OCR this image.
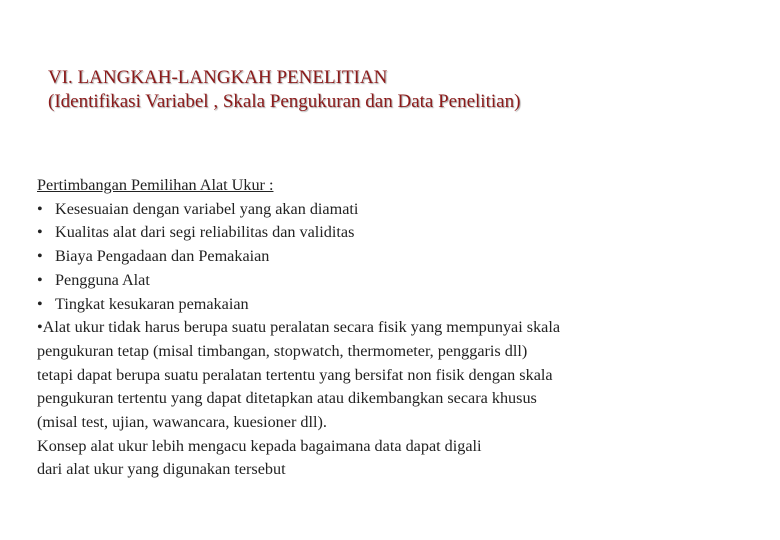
VI. LANGKAH-LANGKAH PENELITIAN
(Identifikasi Variabel , Skala Pengukuran dan Data Penelitian)
Pertimbangan Pemilihan Alat Ukur :
• Kesesuaian dengan variabel yang akan diamati
• Kualitas alat dari segi reliabilitas dan validitas
• Biaya Pengadaan dan Pemakaian
• Pengguna Alat
• Tingkat kesukaran pemakaian
•Alat ukur tidak harus berupa suatu peralatan secara fisik yang mempunyai skala
pengukuran tetap (misal timbangan, stopwatch, thermometer, penggaris dll)
tetapi dapat berupa suatu peralatan tertentu yang bersifat non fisik dengan skala
pengukuran tertentu yang dapat ditetapkan atau dikembangkan secara khusus
(misal test, ujian, wawancara, kuesioner dll).
Konsep alat ukur lebih mengacu kepada bagaimana data dapat digali
dari alat ukur yang digunakan tersebut
